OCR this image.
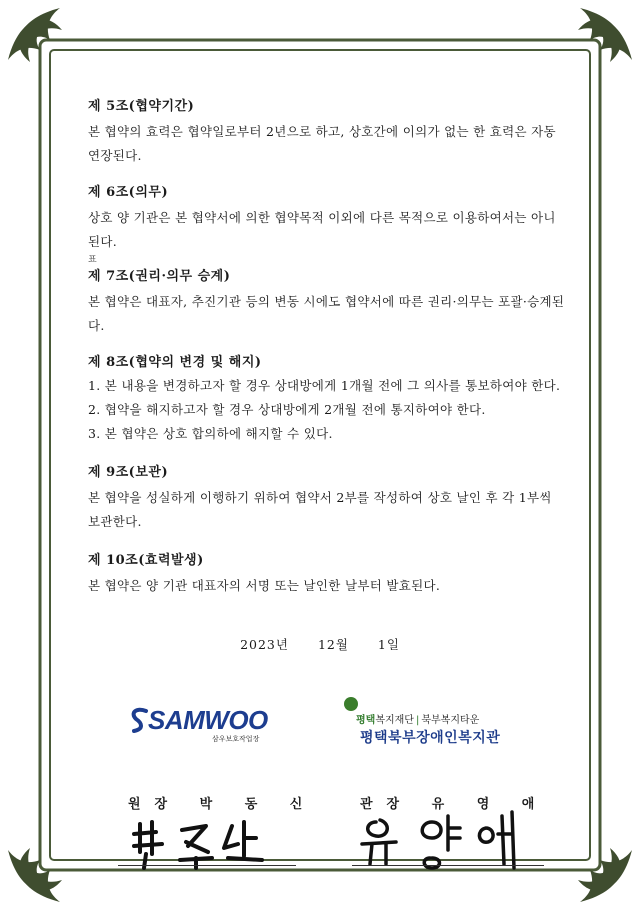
제 5조(협약기간)

본 협약의 효력은 협약일로부터 2년으로 하고, 상호간에 이의가 없는 한 효력은 자동 연장된다.

제 6조(의무)

상호 양 기관은 본 협약서에 의한 협약목적 이외에 다른 목적으로 이용하여서는 아니된다.

표

제 7조(권리·의무 승계)

본 협약은 대표자, 추진기관 등의 변동 시에도 협약서에 따른 권리·의무는 포괄·승계된다.

제 8조(협약의 변경 및 해지)

1. 본 내용을 변경하고자 할 경우 상대방에게 1개월 전에 그 의사를 통보하여야 한다.

2. 협약을 해지하고자 할 경우 상대방에게 2개월 전에 통지하여야 한다.

3. 본 협약은 상호 합의하에 해지할 수 있다.

제 9조(보관)

본 협약을 성실하게 이행하기 위하여 협약서 2부를 작성하여 상호 날인 후 각 1부씩 보관한다.

제 10조(효력발생)

본 협약은 양 기관 대표자의 서명 또는 날인한 날부터 발효된다.

2023년 12월 1일
SAMWOO
삼우보호작업장
평택복지재단 | 북부복지타운
평택북부장애인복지관
원장 박 동 신	관장 유 영 애
